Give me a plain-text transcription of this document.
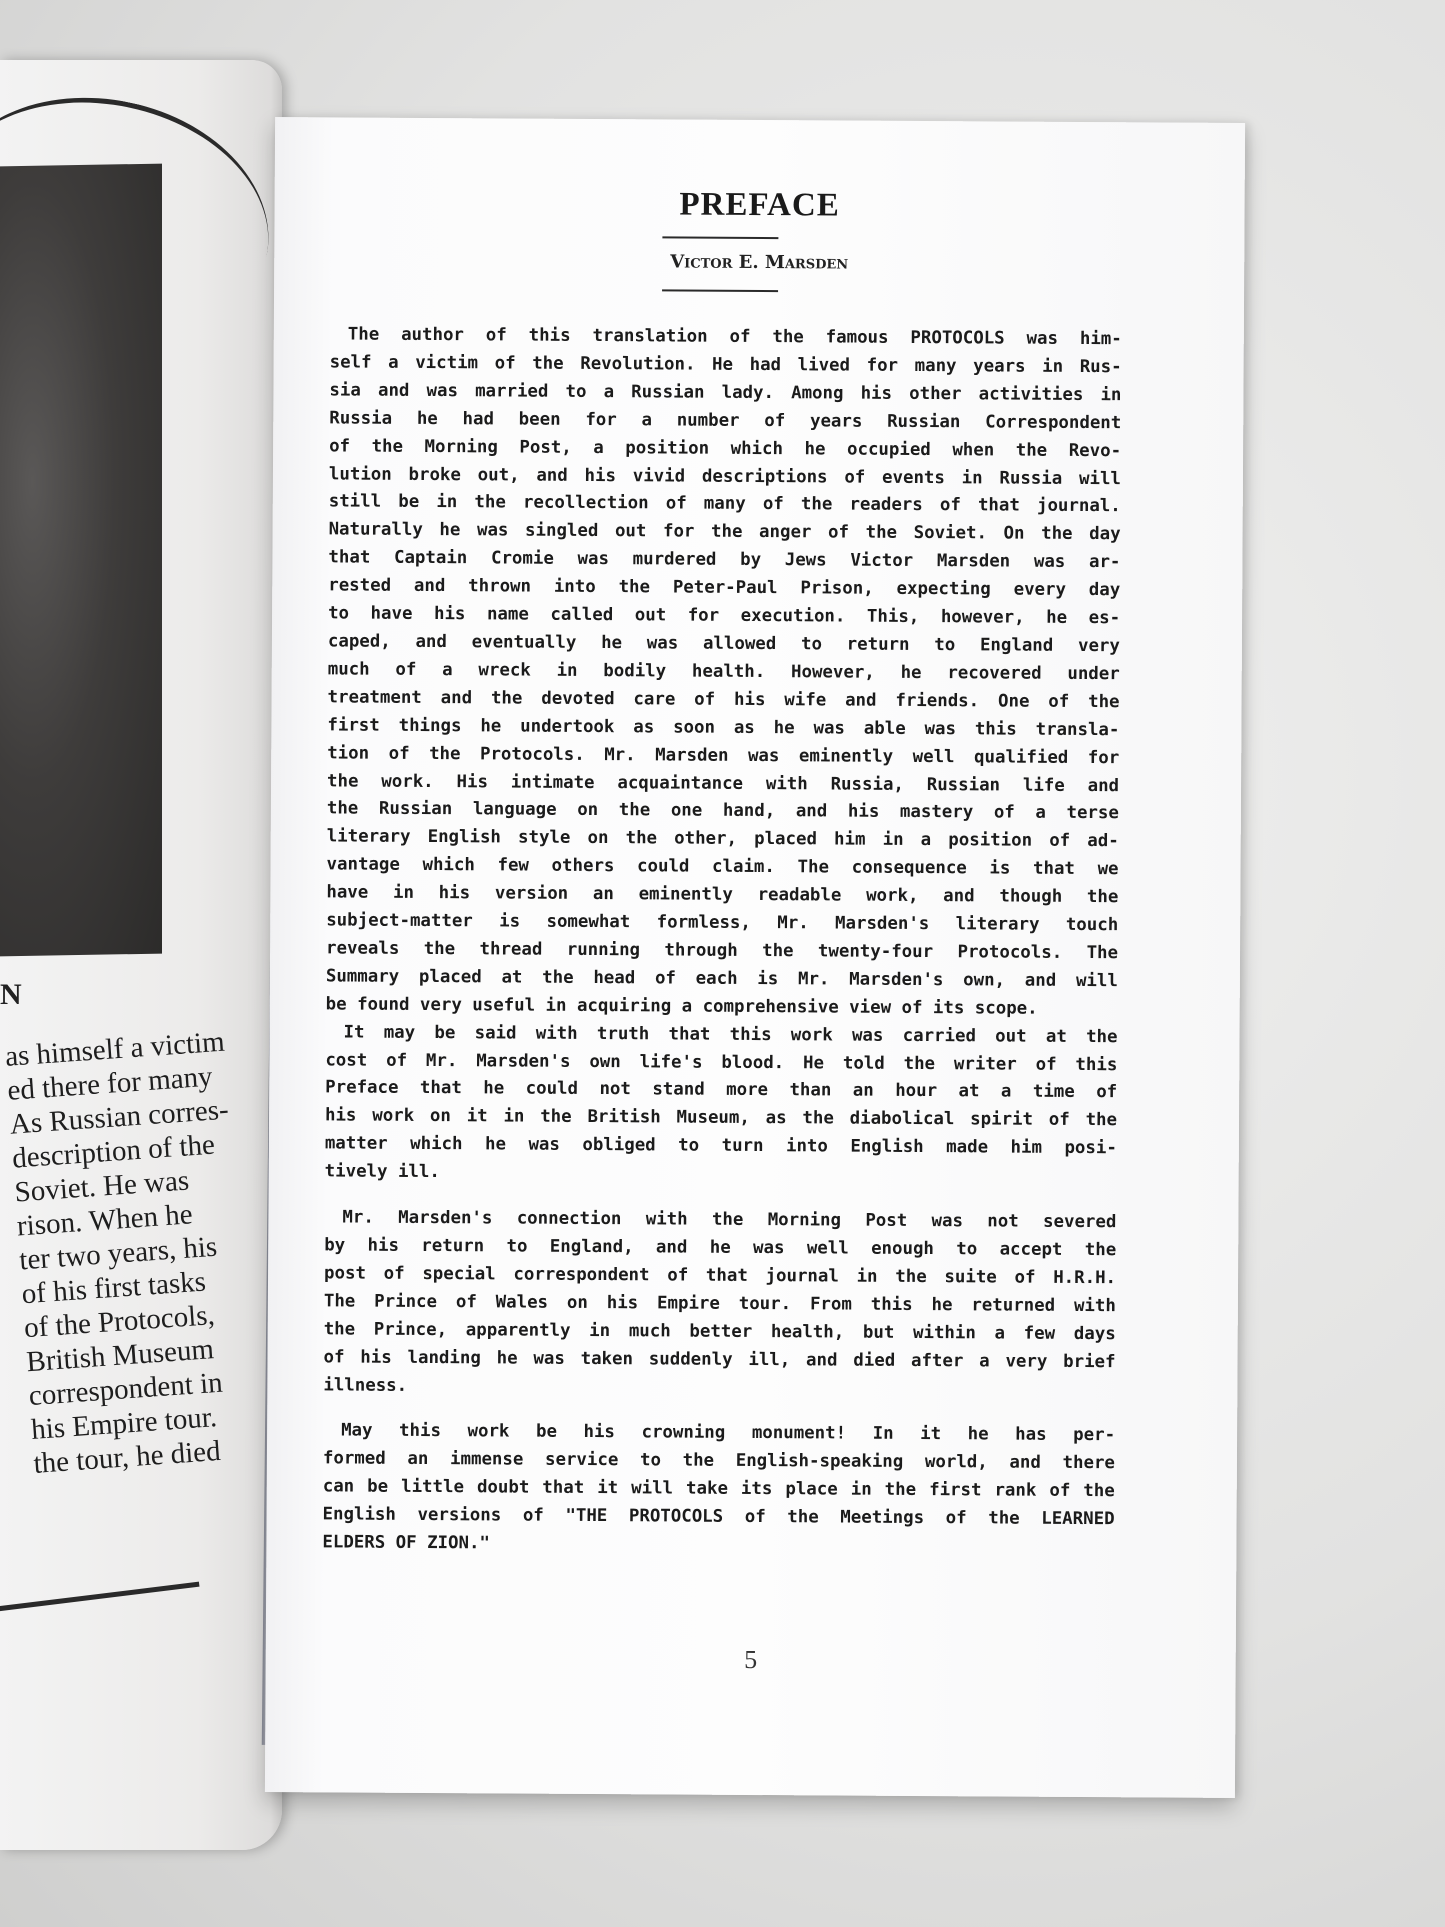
N
as himself a victim
ed there for many
As Russian corres-
description of the
Soviet. He was
rison. When he
ter two years, his
of his first tasks
of the Protocols,
British Museum
correspondent in
his Empire tour.
the tour, he died
PREFACE
Victor E. Marsden
The author of this translation of the famous PROTOCOLS was him-
self a victim of the Revolution. He had lived for many years in Rus-
sia and was married to a Russian lady. Among his other activities in
Russia he had been for a number of years Russian Correspondent
of the Morning Post, a position which he occupied when the Revo-
lution broke out, and his vivid descriptions of events in Russia will
still be in the recollection of many of the readers of that journal.
Naturally he was singled out for the anger of the Soviet. On the day
that Captain Cromie was murdered by Jews Victor Marsden was ar-
rested and thrown into the Peter-Paul Prison, expecting every day
to have his name called out for execution. This, however, he es-
caped, and eventually he was allowed to return to England very
much of a wreck in bodily health. However, he recovered under
treatment and the devoted care of his wife and friends. One of the
first things he undertook as soon as he was able was this transla-
tion of the Protocols. Mr. Marsden was eminently well qualified for
the work. His intimate acquaintance with Russia, Russian life and
the Russian language on the one hand, and his mastery of a terse
literary English style on the other, placed him in a position of ad-
vantage which few others could claim. The consequence is that we
have in his version an eminently readable work, and though the
subject-matter is somewhat formless, Mr. Marsden's literary touch
reveals the thread running through the twenty-four Protocols. The
Summary placed at the head of each is Mr. Marsden's own, and will
be found very useful in acquiring a comprehensive view of its scope.
It may be said with truth that this work was carried out at the
cost of Mr. Marsden's own life's blood. He told the writer of this
Preface that he could not stand more than an hour at a time of
his work on it in the British Museum, as the diabolical spirit of the
matter which he was obliged to turn into English made him posi-
tively ill.
Mr. Marsden's connection with the Morning Post was not severed
by his return to England, and he was well enough to accept the
post of special correspondent of that journal in the suite of H.R.H.
The Prince of Wales on his Empire tour. From this he returned with
the Prince, apparently in much better health, but within a few days
of his landing he was taken suddenly ill, and died after a very brief
illness.
May this work be his crowning monument! In it he has per-
formed an immense service to the English-speaking world, and there
can be little doubt that it will take its place in the first rank of the
English versions of "THE PROTOCOLS of the Meetings of the LEARNED
ELDERS OF ZION."
5
